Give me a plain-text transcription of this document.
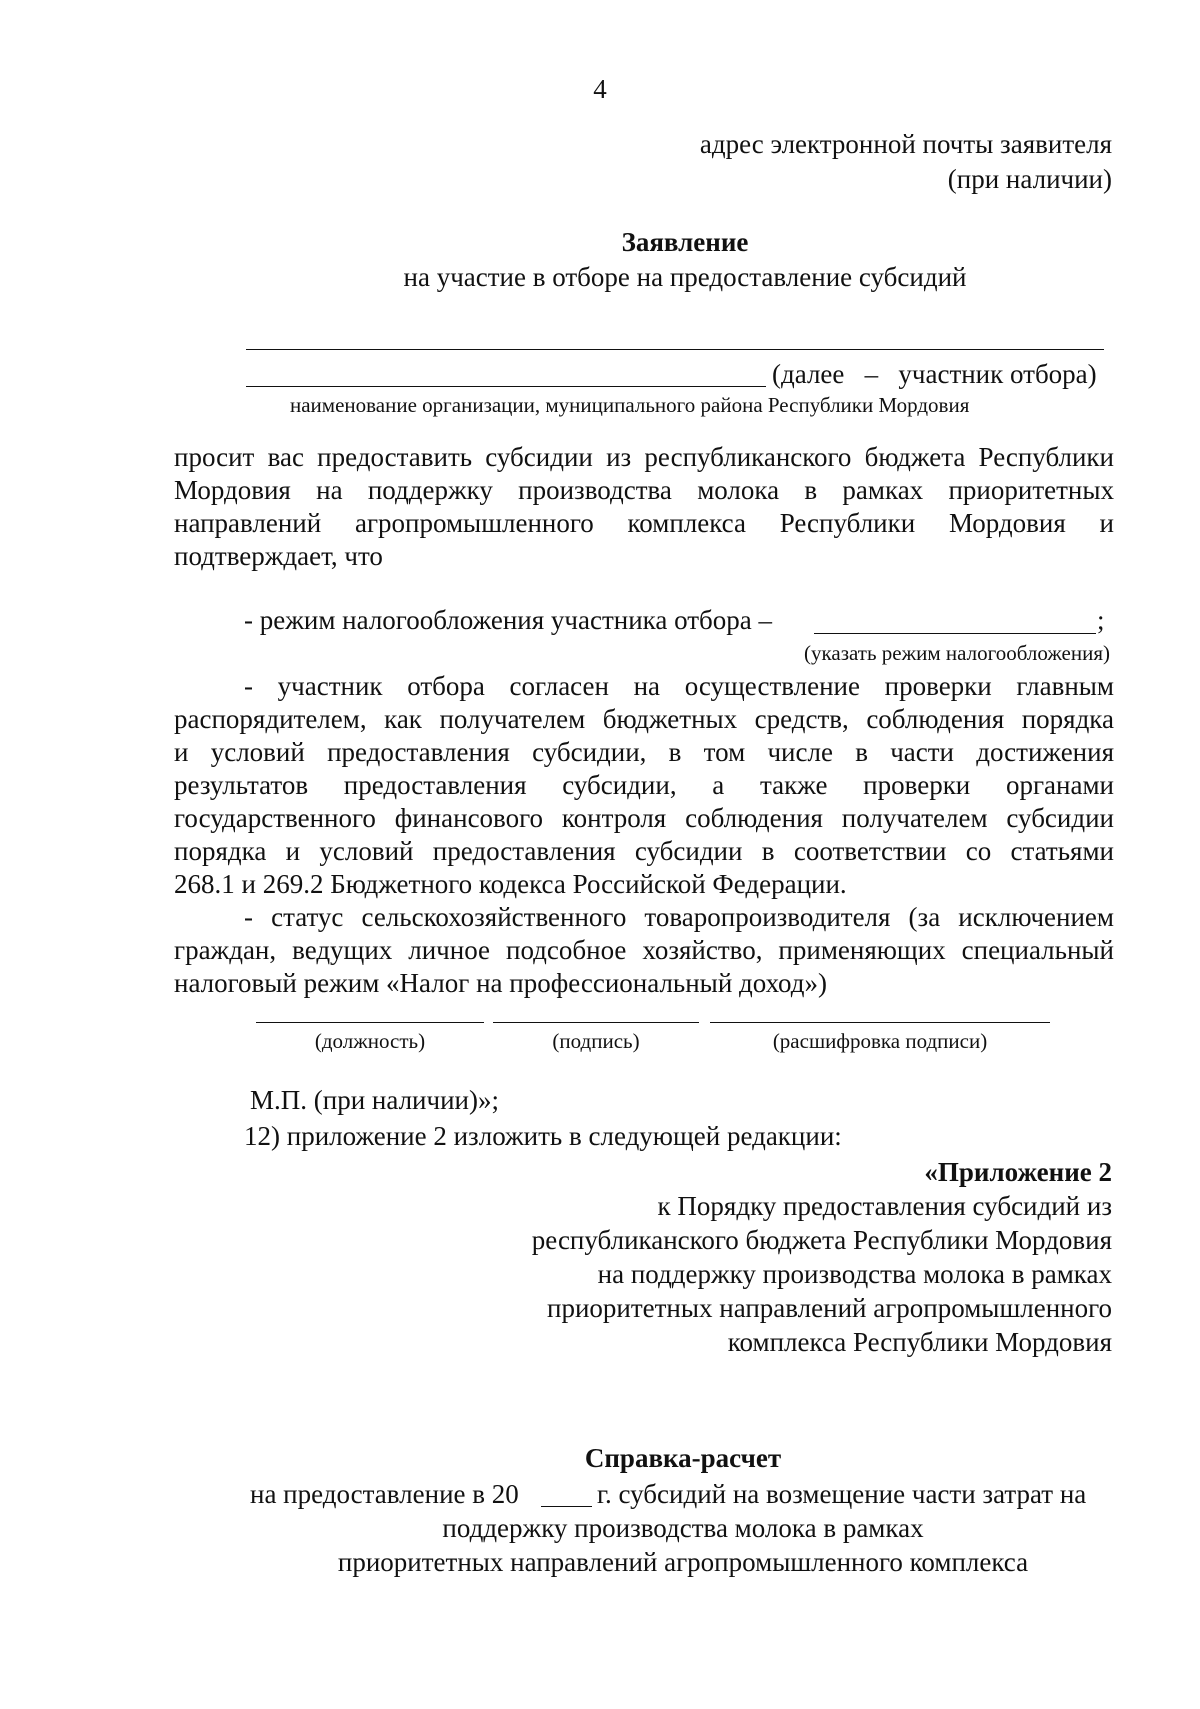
4
адрес электронной почты заявителя
(при наличии)
Заявление
на участие в отборе на предоставление субсидий
(далее   –   участник отбора)
наименование организации, муниципального района Республики Мордовия
просит вас предоставить субсидии из республиканского бюджета Республики
Мордовия на поддержку производства молока в рамках приоритетных
направлений агропромышленного комплекса Республики Мордовия и
подтверждает, что
- режим налогообложения участника отбора –	;
(указать режим налогообложения)
- участник отбора согласен на осуществление проверки главным
распорядителем, как получателем бюджетных средств, соблюдения порядка
и условий предоставления субсидии, в том числе в части достижения
результатов предоставления субсидии, а также проверки органами
государственного финансового контроля соблюдения получателем субсидии
порядка и условий предоставления субсидии в соответствии со статьями
268.1 и 269.2 Бюджетного кодекса Российской Федерации.
- статус сельскохозяйственного товаропроизводителя (за исключением
граждан, ведущих личное подсобное хозяйство, применяющих специальный
налоговый режим «Налог на профессиональный доход»)
(должность)	(подпись)	(расшифровка подписи)
М.П. (при наличии)»;
12) приложение 2 изложить в следующей редакции:
«Приложение 2
к Порядку предоставления субсидий из
республиканского бюджета Республики Мордовия
на поддержку производства молока в рамках
приоритетных направлений агропромышленного
комплекса Республики Мордовия
Справка-расчет
на предоставление в 20	г. субсидий на возмещение части затрат на
поддержку производства молока в рамках
приоритетных направлений агропромышленного комплекса
